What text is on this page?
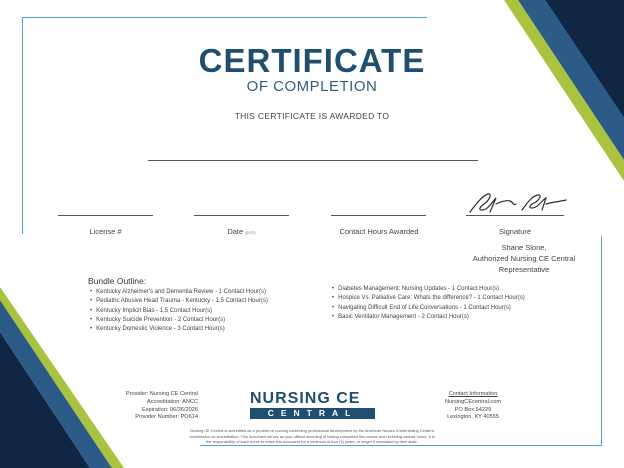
CERTIFICATE
OF COMPLETION
THIS CERTIFICATE IS AWARDED TO
License #	Date (EST)	Contact Hours Awarded	Signature
Shane Slone,
Authorized Nursing CE Central
Representative
Bundle Outline:
• Kentucky Alzheimer's and Dementia Review - 1 Contact Hour(s)
• Pediatric Abusive Head Trauma - Kentucky - 1.5 Contact Hour(s)
• Kentucky Implicit Bias - 1.5 Contact Hour(s)
• Kentucky Suicide Prevention - 2 Contact Hour(s)
• Kentucky Domestic Violence - 3 Contact Hour(s)
• Diabetes Management: Nursing Updates - 1 Contact Hour(s)
• Hospice Vs. Palliative Care: Whats the difference? - 1 Contact Hour(s)
• Navigating Difficult End of Life Conversations - 1 Contact Hour(s)
• Basic Ventilator Management - 2 Contact Hour(s)
Provider: Nursing CE Central
Accreditation: ANCC
Expiration: 06/26/2026
Provider Number: PO614
NURSING CE
CENTRAL
Contact Information
NursingCEcentral.com
PO Box 54229
Lexington, KY 40555
Nursing CE Central is accredited as a provider of nursing continuing professional development by the American Nurses Credentialing Center's
commission on accreditation. This document serves as your official recording of having completed this course and receiving contact hours. It is
the responsibility of each nurse to retain this document for a minimum of four (4) years, or longer if mandated by their state.
